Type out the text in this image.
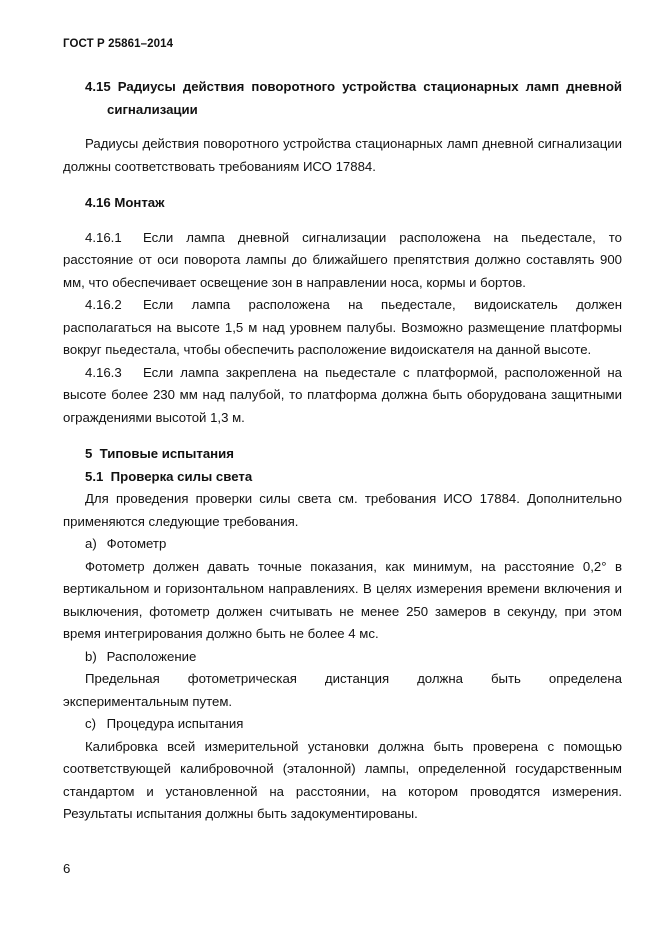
ГОСТ Р 25861–2014
4.15 Радиусы действия поворотного устройства стационарных ламп дневной
сигнализации

Радиусы действия поворотного устройства стационарных ламп дневной сигнализации должны соответствовать требованиям ИСО 17884.

4.16 Монтаж

4.16.1 Если лампа дневной сигнализации расположена на пьедестале, то расстояние от оси поворота лампы до ближайшего препятствия должно составлять 900 мм, что обеспечивает освещение зон в направлении носа, кормы и бортов.

4.16.2 Если лампа расположена на пьедестале, видоискатель должен располагаться на высоте 1,5 м над уровнем палубы. Возможно размещение платформы вокруг пьедестала, чтобы обеспечить расположение видоискателя на данной высоте.

4.16.3 Если лампа закреплена на пьедестале с платформой, расположенной на высоте более 230 мм над палубой, то платформа должна быть оборудована защитными ограждениями высотой 1,3 м.

5 Типовые испытания
5.1 Проверка силы света

Для проведения проверки силы света см. требования ИСО 17884. Дополнительно применяются следующие требования.

a) Фотометр

Фотометр должен давать точные показания, как минимум, на расстояние 0,2° в вертикальном и горизонтальном направлениях. В целях измерения времени включения и выключения, фотометр должен считывать не менее 250 замеров в секунду, при этом время интегрирования должно быть не более 4 мс.

b) Расположение

Предельная фотометрическая дистанция должна быть определена экспериментальным путем.

c) Процедура испытания

Калибровка всей измерительной установки должна быть проверена с помощью соответствующей калибровочной (эталонной) лампы, определенной государственным стандартом и установленной на расстоянии, на котором проводятся измерения. Результаты испытания должны быть задокументированы.

6
